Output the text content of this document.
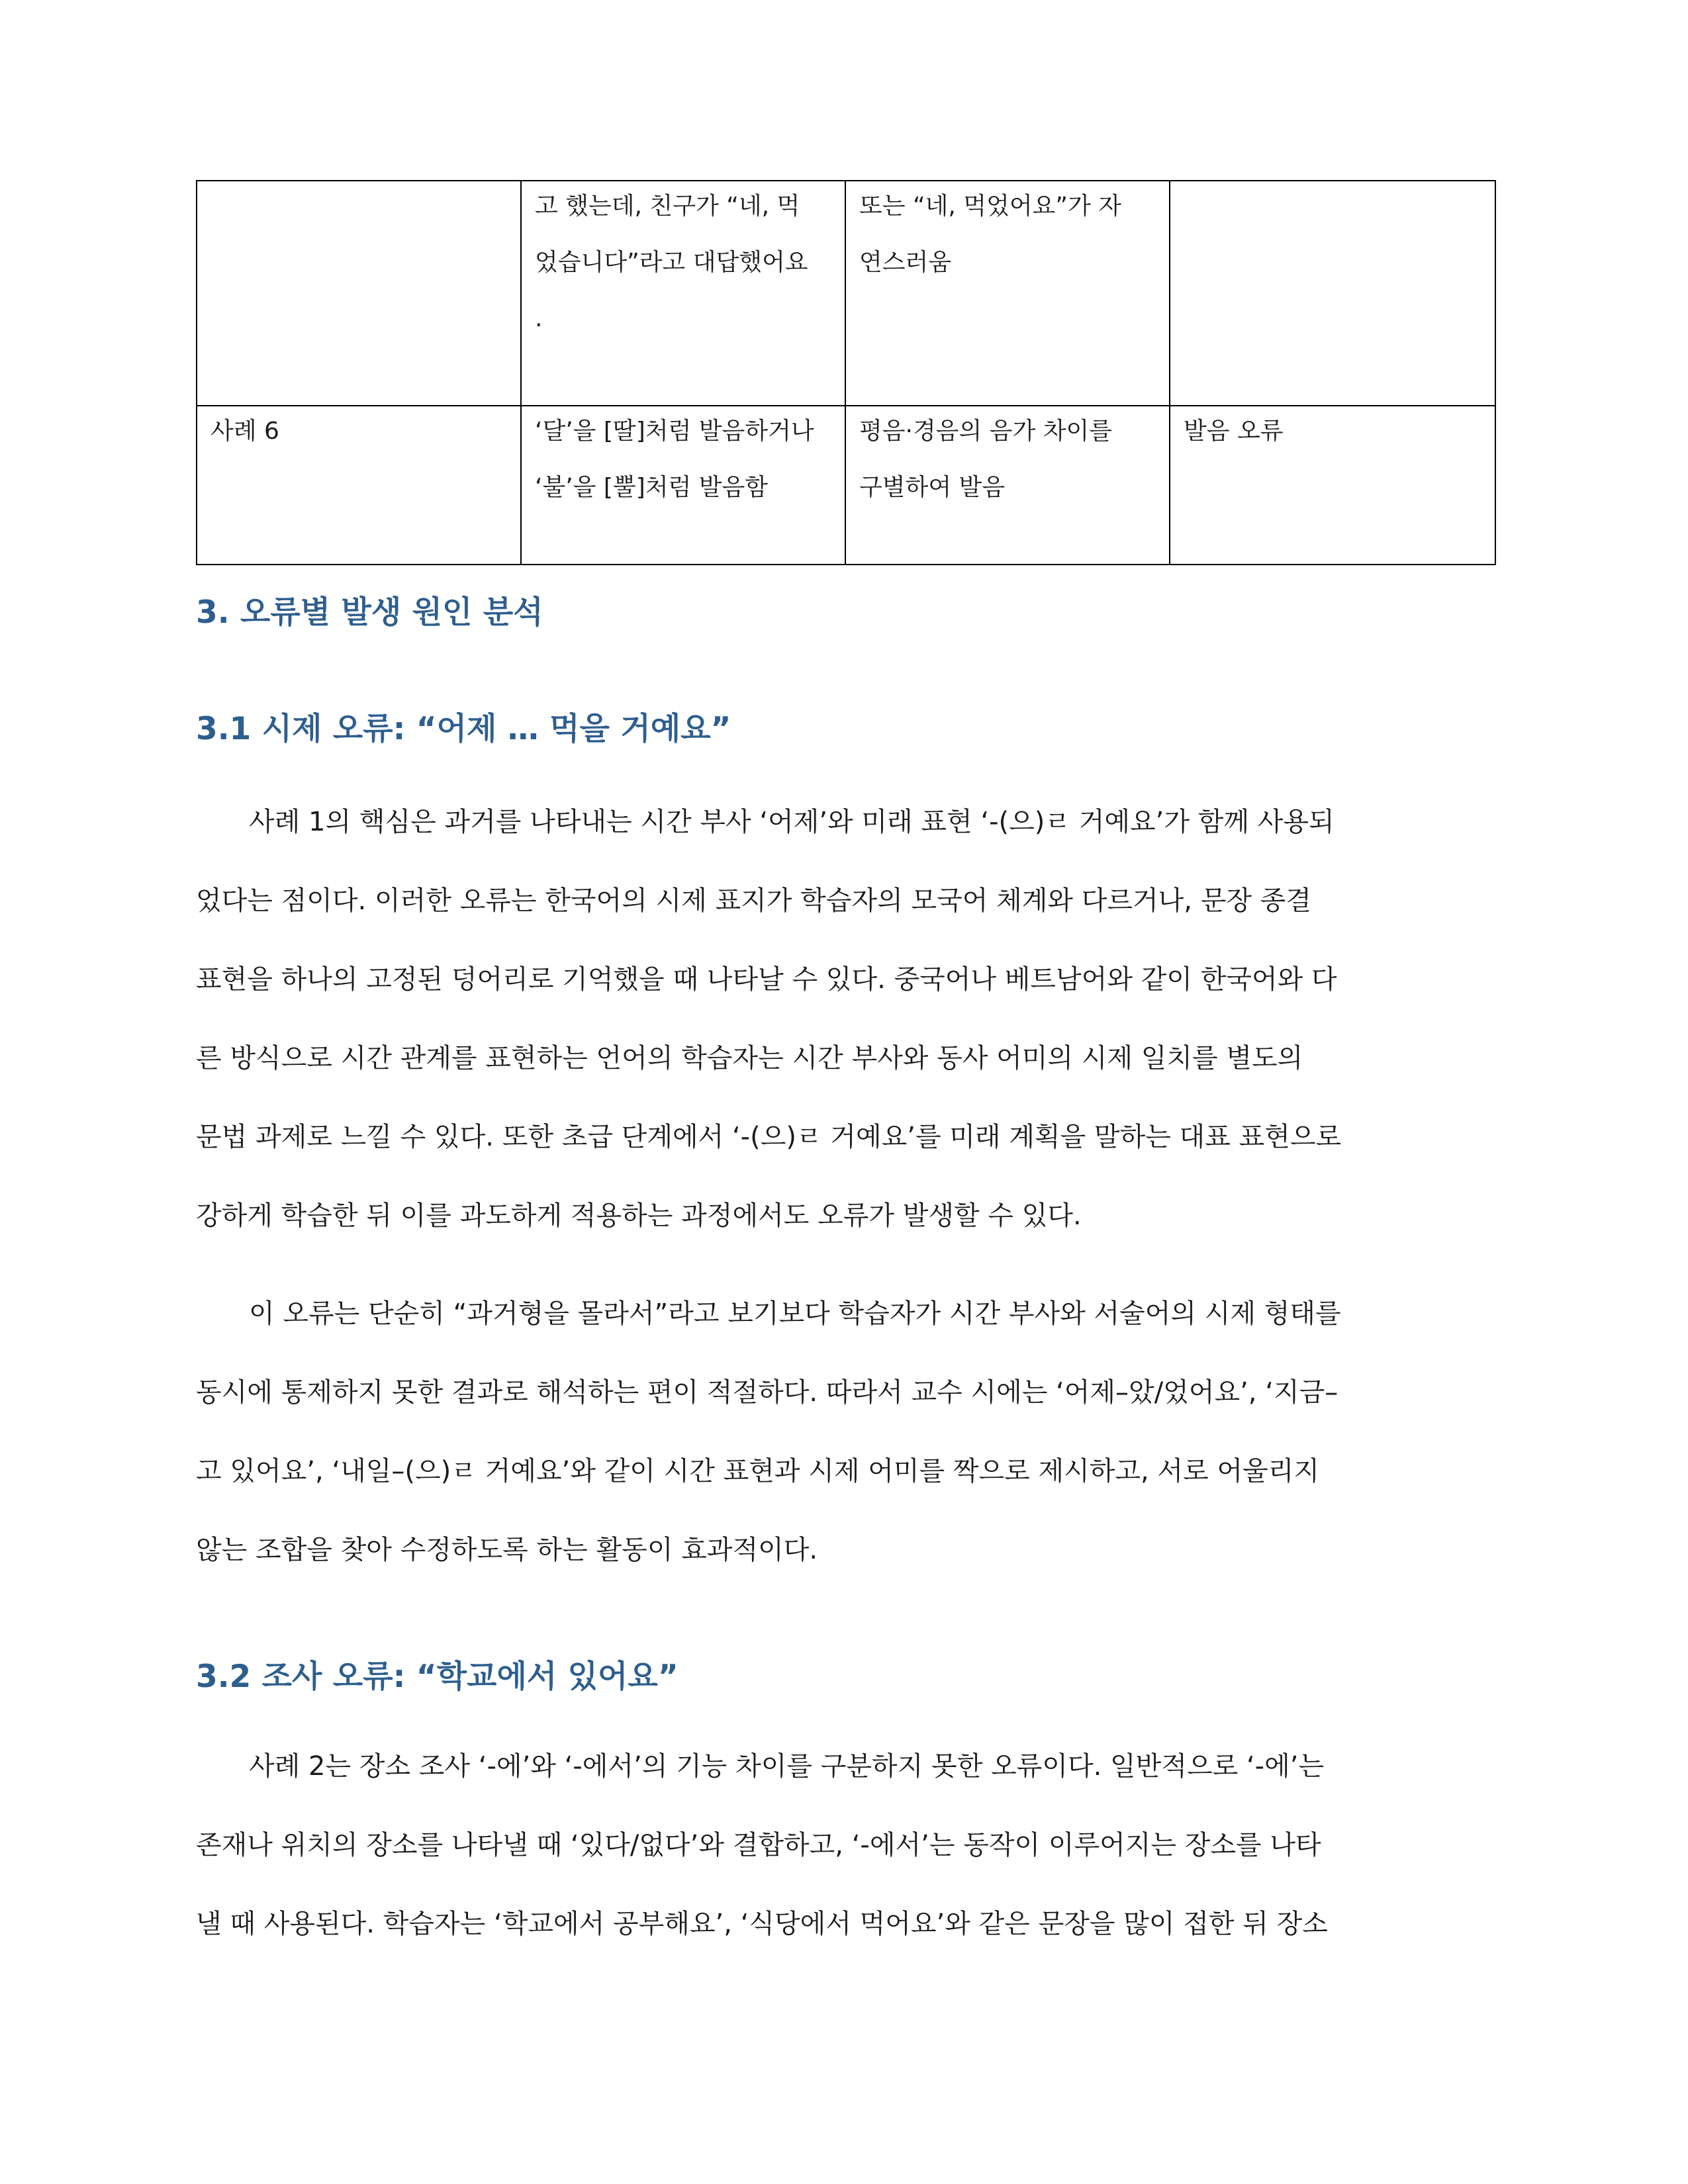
	고 했는데, 친구가 “네, 먹
었습니다”라고 대답했어요
.	또는 “네, 먹었어요”가 자
연스러움	

사례 6	‘달’을 [딸]처럼 발음하거나
‘불’을 [뿔]처럼 발음함	평음·경음의 음가 차이를
구별하여 발음	발음 오류
3. 오류별 발생 원인 분석
3.1 시제 오류: “어제 … 먹을 거예요”

사례 1의 핵심은 과거를 나타내는 시간 부사 ‘어제’와 미래 표현 ‘-(으)ㄹ 거예요’가 함께 사용되

었다는 점이다. 이러한 오류는 한국어의 시제 표지가 학습자의 모국어 체계와 다르거나, 문장 종결

표현을 하나의 고정된 덩어리로 기억했을 때 나타날 수 있다. 중국어나 베트남어와 같이 한국어와 다

른 방식으로 시간 관계를 표현하는 언어의 학습자는 시간 부사와 동사 어미의 시제 일치를 별도의

문법 과제로 느낄 수 있다. 또한 초급 단계에서 ‘-(으)ㄹ 거예요’를 미래 계획을 말하는 대표 표현으로

강하게 학습한 뒤 이를 과도하게 적용하는 과정에서도 오류가 발생할 수 있다.

이 오류는 단순히 “과거형을 몰라서”라고 보기보다 학습자가 시간 부사와 서술어의 시제 형태를

동시에 통제하지 못한 결과로 해석하는 편이 적절하다. 따라서 교수 시에는 ‘어제–았/었어요’, ‘지금–

고 있어요’, ‘내일–(으)ㄹ 거예요’와 같이 시간 표현과 시제 어미를 짝으로 제시하고, 서로 어울리지

않는 조합을 찾아 수정하도록 하는 활동이 효과적이다.

3.2 조사 오류: “학교에서 있어요”

사례 2는 장소 조사 ‘-에’와 ‘-에서’의 기능 차이를 구분하지 못한 오류이다. 일반적으로 ‘-에’는

존재나 위치의 장소를 나타낼 때 ‘있다/없다’와 결합하고, ‘-에서’는 동작이 이루어지는 장소를 나타

낼 때 사용된다. 학습자는 ‘학교에서 공부해요’, ‘식당에서 먹어요’와 같은 문장을 많이 접한 뒤 장소
